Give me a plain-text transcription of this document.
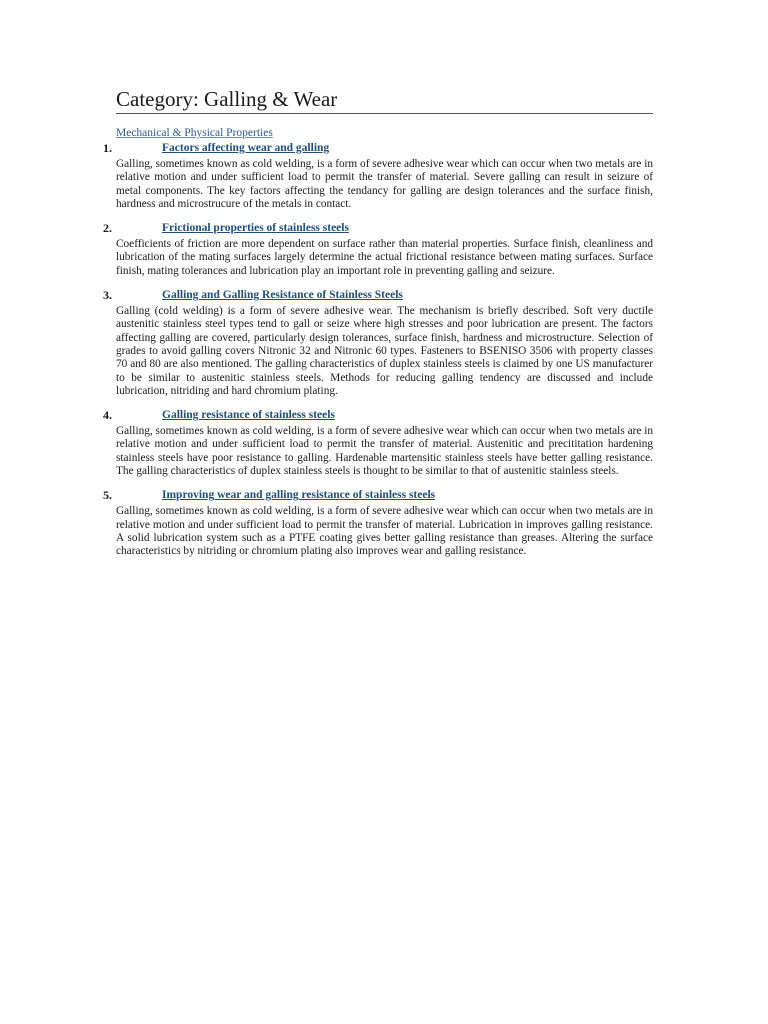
Category: Galling & Wear
Mechanical & Physical Properties
1.	Factors affecting wear and galling

Galling, sometimes known as cold welding, is a form of severe adhesive wear which can occur when two metals are in relative motion and under sufficient load to permit the transfer of material. Severe galling can result in seizure of metal components. The key factors affecting the tendancy for galling are design tolerances and the surface finish, hardness and microstrucure of the metals in contact.

2.	Frictional properties of stainless steels

Coefficients of friction are more dependent on surface rather than material properties. Surface finish, cleanliness and lubrication of the mating surfaces largely determine the actual frictional resistance between mating surfaces. Surface finish, mating tolerances and lubrication play an important role in preventing galling and seizure.

3.	Galling and Galling Resistance of Stainless Steels

Galling (cold welding) is a form of severe adhesive wear. The mechanism is briefly described. Soft very ductile austenitic stainless steel types tend to gall or seize where high stresses and poor lubrication are present. The factors affecting galling are covered, particularly design tolerances, surface finish, hardness and microstructure. Selection of grades to avoid galling covers Nitronic 32 and Nitronic 60 types. Fasteners to BSENISO 3506 with property classes 70 and 80 are also mentioned. The galling characteristics of duplex stainless steels is claimed by one US manufacturer to be similar to austenitic stainless steels. Methods for reducing galling tendency are discussed and include lubrication, nitriding and hard chromium plating.

4.	Galling resistance of stainless steels

Galling, sometimes known as cold welding, is a form of severe adhesive wear which can occur when two metals are in relative motion and under sufficient load to permit the transfer of material. Austenitic and precititation hardening stainless steels have poor resistance to galling. Hardenable martensitic stainless steels have better galling resistance. The galling characteristics of duplex stainless steels is thought to be similar to that of austenitic stainless steels.

5.	Improving wear and galling resistance of stainless steels

Galling, sometimes known as cold welding, is a form of severe adhesive wear which can occur when two metals are in relative motion and under sufficient load to permit the transfer of material. Lubrication in improves galling resistance. A solid lubrication system such as a PTFE coating gives better galling resistance than greases. Altering the surface characteristics by nitriding or chromium plating also improves wear and galling resistance.
